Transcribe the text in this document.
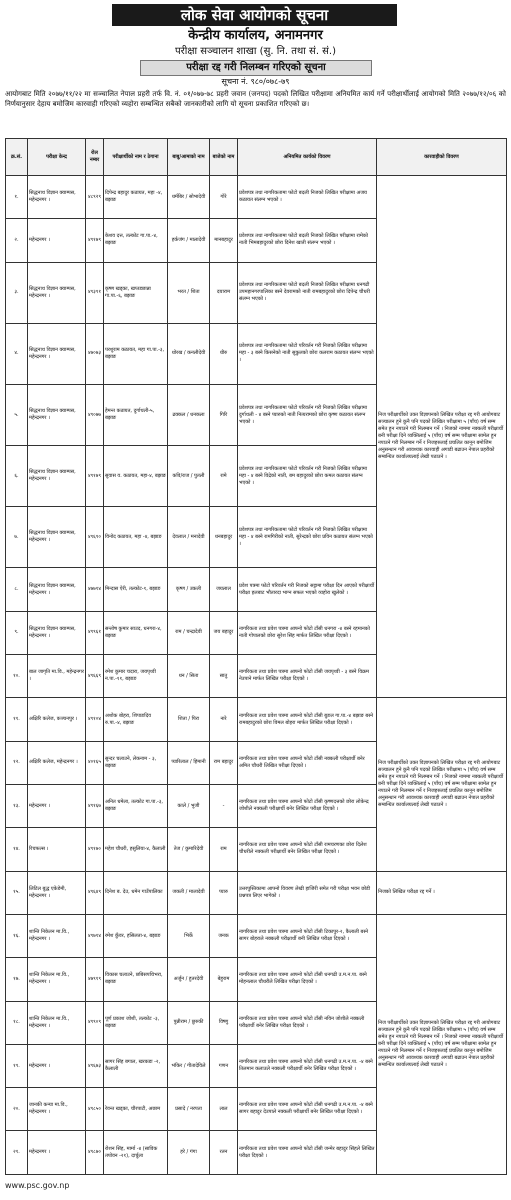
लोक सेवा आयोगको सूचना
केन्द्रीय कार्यालय, अनामनगर
परीक्षा सञ्चालन शाखा (सु. नि. तथा सं. सं.)
परीक्षा रद्द गरी निलम्बन गरिएको सूचना
सूचना नं. ९८०/०७८-७९
आयोगबाट मिति २०७७/११/२२ मा सञ्चालित नेपाल प्रहरी तर्फ वि. नं. ०१/०७७-७८ प्रहरी जवान (जनपद) पदको लिखित परीक्षामा अनियमित कार्य गर्ने परीक्षार्थीलाई आयोगको मिति २०७७/१२/०६ को निर्णयानुसार देहाय बमोजिम कारवाही गरिएको व्यहोरा सम्बन्धित सबैको जानकारीको लागि यो सूचना प्रकाशित गरिएको छ।
क्र.सं.	परीक्षा केन्द्र	रोल नम्बर	परीक्षार्थीको नाम र ठेगाना	बाबु/आमाको नाम	बाजेको नाम	अनियमित कार्यको विवरण	कारवाहीको विवरण
१.	सिद्धनाथ विज्ञान क्याम्पस, महेन्द्रनगर ।	४८९२९	दिपेन्द्र बहादुर कठायत, महा -४, बझाङ	धर्मबिर / सोभादेवी	गोरे	प्रवेशपत्र तथा नागरिकतामा फोटो बदली निजको लिखित परीक्षामा अजय कठायत संलग्न भएको ।	निज परीक्षार्थीको उक्त विज्ञापनको लिखित परीक्षा रद्द गरी आयोगबाट सञ्चालन हुने कुनै पनि पदको लिखित परीक्षामा ५ (पाँच) वर्ष सम्म समेत हुन नपाउने गरी निलम्बन गर्ने । निजको नाममा नक्कली परीक्षार्थी बनी परीक्षा दिने व्यक्तिलाई ५ (पाँच) वर्ष सम्म परीक्षामा सामेल हुन नपाउने गरी निलम्बन गर्ने र निजहरुलाई प्रचलित कानून बमोजिम अनुसन्धान गरी आवश्यक कारवाही अगाडी बढाउन नेपाल प्रहरीको सम्बन्धित कार्यालयलाई लेखी पठाउने ।
२.	महेन्द्रनगर ।	४९१७९	केशव दत्त, तल्कोट गा.पा.-४, बझाङ	हर्कजंग / मालादेवी	मानबहादुर	प्रवेशपत्र तथा नागरिकतामा फोटो बदली निजको लिखित परीक्षामा रामेको नाती भिमबहादुरको छोरा दिनेश खाती संलग्न भएको ।	
३.	सिद्धनाथ विज्ञान क्याम्पस, महेन्द्रनगर ।	४९३९१	कृष्ण खड्का, खप्तडछान्ना गा.पा.-६, बझाङ	भरत / शिता	दयाराम	प्रवेशपत्र तथा नागरिकतामा फोटो बदली निजको लिखित परीक्षामा धनगढी उपमहानगरपालिका बस्ने देवरामको नाती रामबहादुरको छोरा दिपेन्द्र चौधरी संलग्न भएको ।	
४.	सिद्धनाथ विज्ञान क्याम्पस, महेन्द्रनगर ।	४७०७३	परशुराम कठायत, महा गा.पा.-३, बझाङ	धोरख / कनलीदेवी	धीरु	प्रवेशपत्र तथा नागरिकतामा फोटो परिवर्तन गरी निजको लिखित परीक्षामा महा - ३ बस्ने किसनेको नाती सुकुलको छोरा कलराम कठायत संलग्न भएको ।	
५.	सिद्धनाथ विज्ञान क्याम्पस, महेन्द्रनगर ।	४९०७७	हेमन्त कठायत, दुर्गाथली-५, बझाङ	ढक्कल / धनकला	गिरि	प्रवेशपत्र तथा नागरिकतामा फोटो परिवर्तन गरी निजको लिखित परीक्षामा दुर्गाथली - ४ बस्ने प्यारुको नाती नित्यरामको छोरा कृष्ण कठायत संलग्न भएको ।	
६.	सिद्धनाथ विज्ञान क्याम्पस, महेन्द्रनगर ।	४९१७९	सुवास व. कठायत, महा-४, बझाङ	कवि/राज / पुतली	रामे	प्रवेशपत्र तथा नागरिकतामा फोटो परिवर्तन गरी निजको लिखित परीक्षामा महा - ४ बस्ने विद्रेको नाती, बम बहादुरको छोरा कमल कठायत संलग्न भएको ।	
७.	सिद्धनाथ विज्ञान क्याम्पस, महेन्द्रनगर ।	४९६९०	विनोद कठायत, महा -४, बझाङ	देवलाल / मनादेवी	धनबहादुर	प्रवेशपत्र तथा नागरिकतामा फोटो परिवर्तन गरी निजको लिखित परीक्षामा महा - ४ बस्ने रामगिरीको नाती, सुरेन्द्रको छोरा प्रविन कठायत संलग्न भएको ।	
८.	सिद्धनाथ विज्ञान क्याम्पस, महेन्द्रनगर ।	४७७१४	मिन्दास ऐरी, तल्कोट-१, बझाङ	कृष्ण / उकली	जयलाल	प्रवेश पत्रमा फोटो परिवर्तन गरी निजको सट्टामा परीक्षा दिन आएको परीक्षार्थी परीक्षा हलबाट भौतारदा भाग्न सफल भएको व्यहोरा खुलेको ।	
९.	सिद्धनाथ विज्ञान क्याम्पस, महेन्द्रनगर ।	४९९६१	सन्तोष कुमार साउद, धनगरा-४, बझाङ	राम / चन्द्रादेवी	जय बहादुर	नागरिकता तथा प्रवेश पत्रमा आफ्नो फोटो टाँसी धनगरा -४ बस्ने रहमानको नाती गोपालको छोरा सुरेश सिंह मार्फत लिखित परीक्षा दिएको ।	
१०.	बाल जागृति मा.वि., महेन्द्रनगर ।	४९६६९	रमेश कुमार चदारा, जयपृथ्वी न.पा.-११, बझाङ	धन / सिता	सातु	नागरिकता तथा प्रवेश पत्रमा आफ्नो फोटो टाँसी जयपृथ्वी - ३ बस्ने विक्रम नेउपाने मार्फत लिखित परीक्षा दिएको ।	
११.	अक्षिरि कलेज, कञ्चनपुर ।	४९१०४	अशोक बोहरा, शिपाङदिव रु.पा.-४, बझाङ	शिता / पिरा	नारे	नागरिकता तथा प्रवेश पत्रमा आफ्नो फोटो टाँसी बुङल गा.पा.-४ बझाङ बस्ने रामबहादुरको छोरा विमल बोहरा मार्फत लिखित परीक्षा दिएको ।	निज परीक्षार्थीको उक्त विज्ञापनको लिखित परीक्षा रद्द गरी आयोगबाट सञ्चालन हुने कुनै पनि पदको लिखित परीक्षामा ५ (पाँच) वर्ष सम्म समेत हुन नपाउने गरी निलम्बन गर्ने । निजको नाममा नक्कली परीक्षार्थी बनी परीक्षा दिने व्यक्तिलाई ५ (पाँच) वर्ष सम्म परीक्षामा सामेल हुन नपाउने गरी निलम्बन गर्ने र निजहरुलाई प्रचलित कानून बमोजिम अनुसन्धान गरी आवश्यक कारवाही अगाडी बढाउन नेपाल प्रहरीको सम्बन्धित कार्यालयलाई लेखी पठाउने ।
१२.	अक्षिरि कलेज, महेन्द्रनगर ।	४०१६५	सुन्दर चलाउने, लेकनाम - ३, बझाङ	प्यारिलाल / हिमानी	राम बहादुर	नागरिकता तथा प्रवेश पत्रमा आफ्नो फोटो टाँसी नक्कली परीक्षार्थी बनेर अमित चौधरी लिखित परीक्षा दिएको ।	
१३.	महेन्द्रनगर ।	४९१६७	अनित धमेला, तल्कोट गा.पा.-३, बझाङ	काले / भुजी	-	नागरिकता तथा प्रवेश पत्रमा आफ्नो फोटो टाँसी कृष्णदत्तको छोरा लोकेन्द्र जोशीले नक्कली परीक्षार्थी बनेर लिखित परीक्षा दिएको ।	
१४.	रिचफल्स ।	४९१७०	महेश चौधरी, हसुलिया-४, कैलाली	तेज / कुमारिदेवी	राम	नागरिकता तथा प्रवेश पत्रमा आफ्नो फोटो टाँसी रामचरणका छोरा दिलेश चौधरीले नक्कली परीक्षार्थी बनेर लिखित परीक्षा दिएको ।	
१५.	लिटिल बुद्ध एकेडेमी, महेन्द्रनगर ।	४९६४९	दिनेश ब. देउ, धमेन गाउँपालिका	जकती / मालादेवी	प्यारु	उत्तरपुस्तिकामा आफ्नो विवरण लेखी हाजिरी समेत गरी परीक्षा भवन छोडी प्रश्नपत्र लिएर भागेको ।	निजको लिखित परीक्षा रद्द गर्ने ।
१६.	शान्ति निकेतन मा.वि., महेन्द्रनगर ।	४९७१४	रमेश कुँवर, हसिलता-४, बझाङ	भिर्के	जनक	नागरिकता तथा प्रवेश पत्रमा आफ्नो फोटो टाँसी टिकापुर-२, कैलाली बस्ने सागर बोहराले नक्कली परीक्षार्थी बनी लिखित परीक्षा दिएको ।	निज परीक्षार्थीको उक्त विज्ञापनको लिखित परीक्षा रद्द गरी आयोगबाट सञ्चालन हुने कुनै पनि पदको लिखित परीक्षामा ५ (पाँच) वर्ष सम्म समेत हुन नपाउने गरी निलम्बन गर्ने । निजको नाममा नक्कली परीक्षार्थी बनी परीक्षा दिने व्यक्तिलाई ५ (पाँच) वर्ष सम्म परीक्षामा सामेल हुन नपाउने गरी निलम्बन गर्ने र निजहरुलाई प्रचलित कानून बमोजिम अनुसन्धान गरी आवश्यक कारवाही अगाडी बढाउन नेपाल प्रहरीको सम्बन्धित कार्यालयलाई लेखी पठाउने ।
१७.	शान्ति निकेतन मा.वि., महेन्द्रनगर ।	४७९१९	विकास चलाउने, छबिसपथिभरा, बझाङ	अर्जुन / हुतरदेवी	बेहुराम	नागरिकता तथा प्रवेश पत्रमा आफ्नो फोटो टाँसी धनगढी उ.म.न.पा. बस्ने मोहनलाल चौधरीले लिखित परीक्षा दिएको ।	
१८.	शान्ति निकेतन मा.वि., महेन्द्रनगर ।	४९९०९	पूर्ण प्रकाश जोशी, तल्कोट -३, बझाङ	पुन्नीराम / छुरुकी	विष्णु	नागरिकता तथा प्रवेश पत्रमा आफ्नो फोटो टाँसी नविन जोशीले नक्कली परीक्षार्थी बनेर लिखित परीक्षा दिएको ।	
१९.	महेन्द्रनगर ।	४९६७३	सागर सिंह बगाल, खरकडा -२, कैलाली	भंकिर / गीतादेविले	गणन	नागरिकता तथा प्रवेश पत्रमा आफ्नो फोटो टाँसी धनगढी उ.म.न.पा. -४ बस्ने तिलमान कलाउले नक्कली परीक्षार्थी बनेर लिखित परीक्षा दिएको ।	
२०.	जानकी कन्या मा.वि., महेन्द्रनगर ।	४९८५०	रेवन्त खड्का, चौरपाटी, अछाम	प्रसादे / नरपता	लाल	नागरिकता तथा प्रवेश पत्रमा आफ्नो फोटो टाँसी धनगढी उ.म.न.पा. -४ बस्ने सागर बहादुर देउपाले नक्कली परीक्षार्थी बनेर लिखित परीक्षा दिएको ।	
२१.	महेन्द्रनगर ।	४९८७०	रोशन सिंह, मार्मा -४ (साविक तपोवन -२१), दार्चुला	हरे / गंगा	रतन	नागरिकता तथा प्रवेश पत्रमा आफ्नो फोटो टाँसी जन्मेर बहादुर सिंहले लिखित परीक्षा दिएको ।	
www.psc.gov.np
